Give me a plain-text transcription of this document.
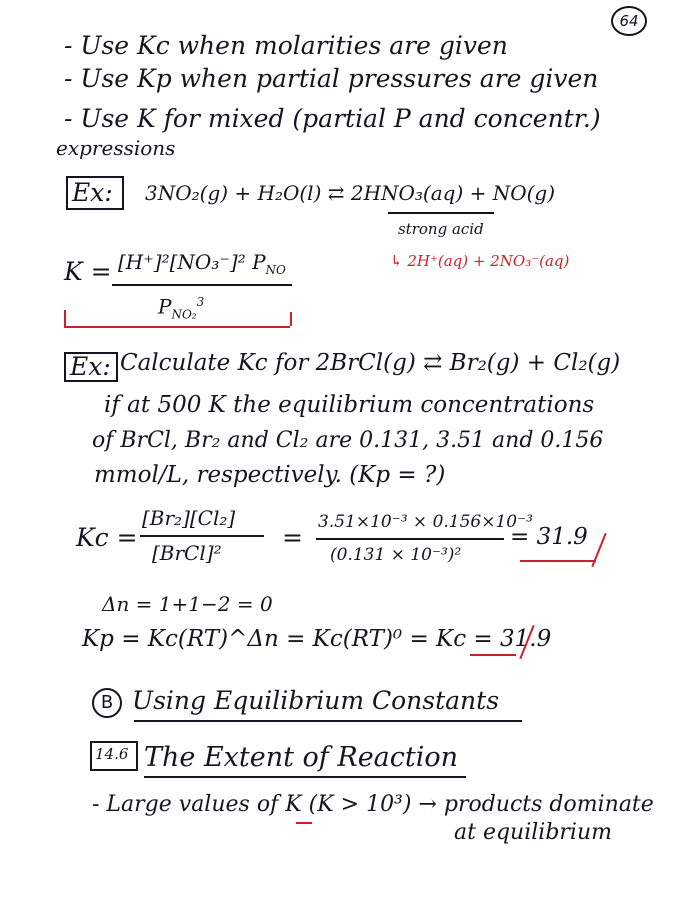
64
- Use Kc when molarities are given
- Use Kp when partial pressures are given
- Use K for mixed (partial P and concentr.)
expressions
Ex: 3NO₂(g) + H₂O(l) ⇄ 2HNO₃(aq) + NO(g)
strong acid
↳ 2H⁺(aq) + 2NO₃⁻(aq)
K = [H⁺]²[NO₃⁻]² $P_{NO}$
$P_{NO_2}^3$
Ex: Calculate Kc for 2BrCl(g) ⇄ Br₂(g) + Cl₂(g)
if at 500 K the equilibrium concentrations
of BrCl, Br₂ and Cl₂ are 0.131, 3.51 and 0.156
mmol/L, respectively. (Kp = ?)
Kc =
[Br₂][Cl₂]
[BrCl]²
=
3.51×10⁻³ × 0.156×10⁻³
(0.131 × 10⁻³)²
= 31.9
Δn = 1+1−2 = 0
Kp = Kc(RT)^Δn = Kc(RT)⁰ = Kc = 31.9
B Using Equilibrium Constants
14.6 The Extent of Reaction
- Large values of K (K > 10³) → products dominate
at equilibrium
